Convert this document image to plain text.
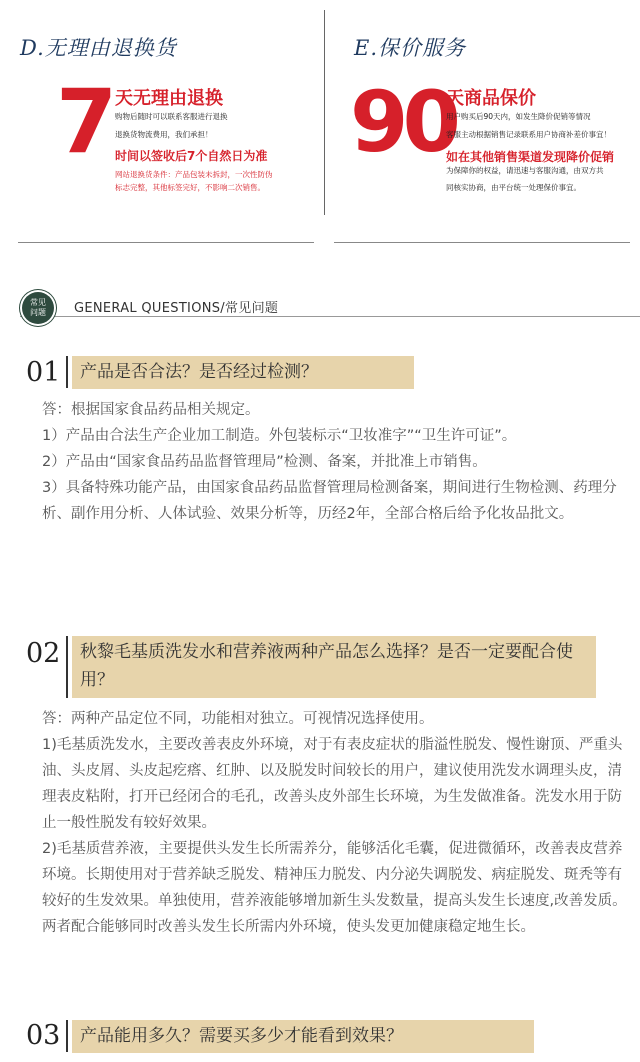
D.无理由退换货
7
天无理由退换
购物后随时可以联系客服进行退换
退换货物流费用，我们承担！
时间以签收后7个自然日为准
网站退换货条件：产品包装未拆封，一次性防伪
标志完整，其他标签完好，不影响二次销售。
E.保价服务
90
天商品保价
用户购买后90天内，如发生降价促销等情况
客服主动根据销售记录联系用户协商补差价事宜！
如在其他销售渠道发现降价促销
为保障你的权益，请迅速与客服沟通，由双方共
同核实协商，由平台统一处理保价事宜。
常见问题 GENERAL QUESTIONS/常见问题
01	产品是否合法？是否经过检测？

答：根据国家食品药品相关规定。

1）产品由合法生产企业加工制造。外包装标示“卫妆准字”“卫生许可证”。

2）产品由“国家食品药品监督管理局”检测、备案，并批准上市销售。

3）具备特殊功能产品，由国家食品药品监督管理局检测备案，期间进行生物检测、药理分析、副作用分析、人体试验、效果分析等，历经2年，全部合格后给予化妆品批文。

02	秋黎毛基质洗发水和营养液两种产品怎么选择？是否一定要配合使用？

答：两种产品定位不同，功能相对独立。可视情况选择使用。

1)毛基质洗发水，主要改善表皮外环境，对于有表皮症状的脂溢性脱发、慢性谢顶、严重头油、头皮屑、头皮起疙瘩、红肿、以及脱发时间较长的用户，建议使用洗发水调理头皮，清理表皮粘附，打开已经闭合的毛孔，改善头皮外部生长环境，为生发做准备。洗发水用于防止一般性脱发有较好效果。

2)毛基质营养液，主要提供头发生长所需养分，能够活化毛囊，促进微循环，改善表皮营养环境。长期使用对于营养缺乏脱发、精神压力脱发、内分泌失调脱发、病症脱发、斑秃等有较好的生发效果。单独使用，营养液能够增加新生头发数量，提高头发生长速度,改善发质。两者配合能够同时改善头发生长所需内外环境，使头发更加健康稳定地生长。

03	产品能用多久？需要买多少才能看到效果？
